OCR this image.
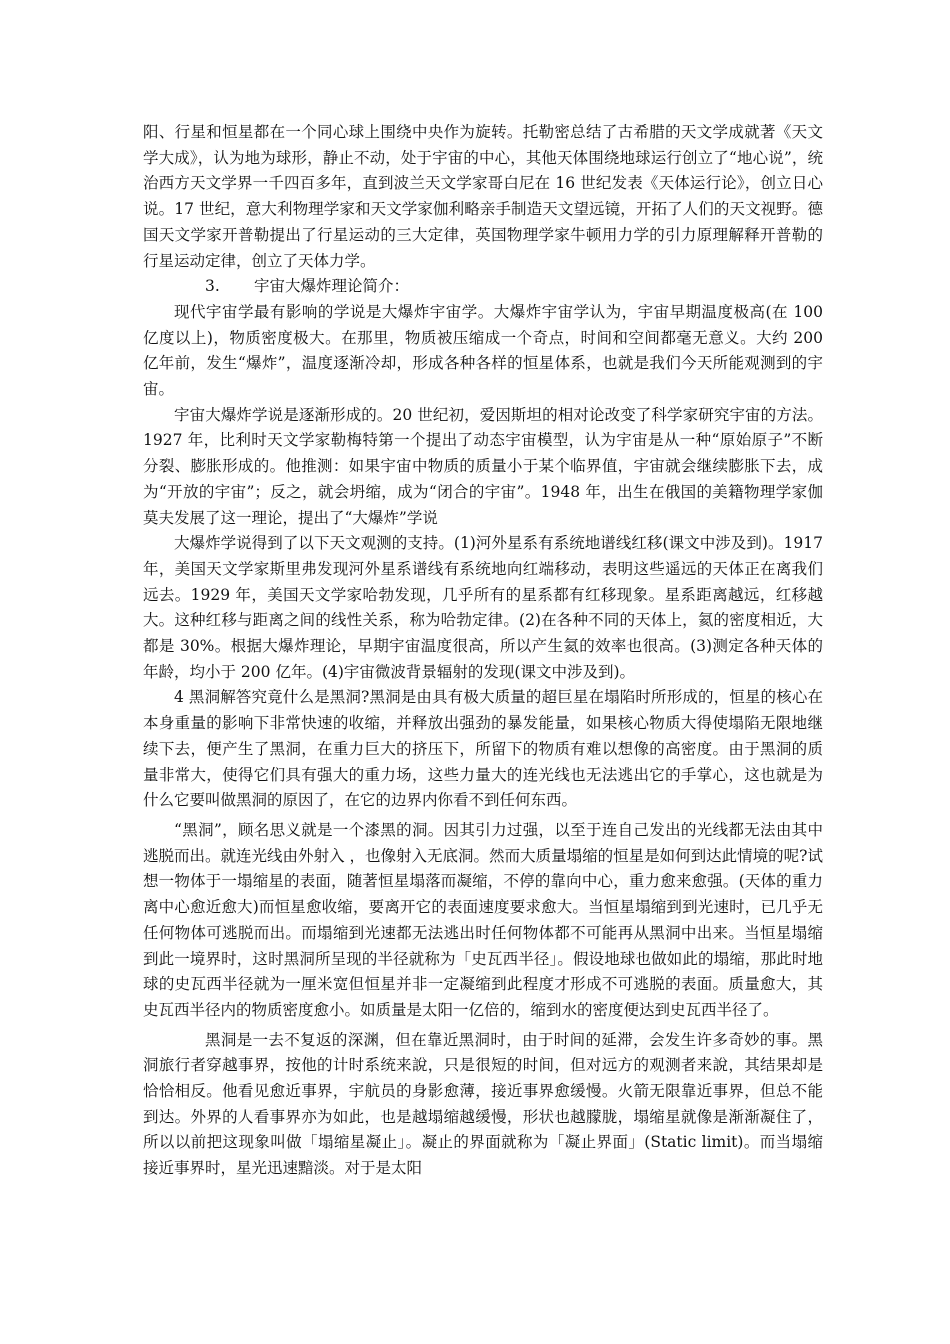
阳、行星和恒星都在一个同心球上围绕中央作为旋转。托勒密总结了古希腊的天文学成就著《天文学大成》，认为地为球形，静止不动，处于宇宙的中心，其他天体围绕地球运行创立了“地心说”，统治西方天文学界一千四百多年，直到波兰天文学家哥白尼在 16 世纪发表《天体运行论》，创立日心说。17 世纪，意大利物理学家和天文学家伽利略亲手制造天文望远镜，开拓了人们的天文视野。德国天文学家开普勒提出了行星运动的三大定律，英国物理学家牛顿用力学的引力原理解释开普勒的行星运动定律，创立了天体力学。

3. 宇宙大爆炸理论简介：

现代宇宙学最有影响的学说是大爆炸宇宙学。大爆炸宇宙学认为，宇宙早期温度极高(在 100 亿度以上)，物质密度极大。在那里，物质被压缩成一个奇点，时间和空间都毫无意义。大约 200 亿年前，发生“爆炸”，温度逐渐冷却，形成各种各样的恒星体系，也就是我们今天所能观测到的宇宙。

宇宙大爆炸学说是逐渐形成的。20 世纪初，爱因斯坦的相对论改变了科学家研究宇宙的方法。1927 年，比利时天文学家勒梅特第一个提出了动态宇宙模型，认为宇宙是从一种“原始原子”不断分裂、膨胀形成的。他推测：如果宇宙中物质的质量小于某个临界值，宇宙就会继续膨胀下去，成为“开放的宇宙”；反之，就会坍缩，成为“闭合的宇宙”。1948 年，出生在俄国的美籍物理学家伽莫夫发展了这一理论，提出了“大爆炸”学说

大爆炸学说得到了以下天文观测的支持。(1)河外星系有系统地谱线红移(课文中涉及到)。1917 年，美国天文学家斯里弗发现河外星系谱线有系统地向红端移动，表明这些遥远的天体正在离我们远去。1929 年，美国天文学家哈勃发现，几乎所有的星系都有红移现象。星系距离越远，红移越大。这种红移与距离之间的线性关系，称为哈勃定律。(2)在各种不同的天体上，氦的密度相近，大都是 30%。根据大爆炸理论，早期宇宙温度很高，所以产生氦的效率也很高。(3)测定各种天体的年龄，均小于 200 亿年。(4)宇宙微波背景辐射的发现(课文中涉及到)。

4 黑洞解答究竟什么是黑洞?黑洞是由具有极大质量的超巨星在塌陷时所形成的，恒星的核心在本身重量的影响下非常快速的收缩，并释放出强劲的暴发能量，如果核心物质大得使塌陷无限地继续下去，便产生了黑洞，在重力巨大的挤压下，所留下的物质有难以想像的高密度。由于黑洞的质量非常大，使得它们具有强大的重力场，这些力量大的连光线也无法逃出它的手掌心，这也就是为什么它要叫做黑洞的原因了，在它的边界内你看不到任何东西。

“黑洞”，顾名思义就是一个漆黑的洞。因其引力过强，以至于连自己发出的光线都无法由其中逃脱而出。就连光线由外射入 ，也像射入无底洞。然而大质量塌缩的恒星是如何到达此情境的呢?试想一物体于一塌缩星的表面，随著恒星塌落而凝缩，不停的靠向中心，重力愈来愈强。(天体的重力离中心愈近愈大)而恒星愈收缩，要离开它的表面速度要求愈大。当恒星塌缩到到光速时，已几乎无任何物体可逃脱而出。而塌缩到光速都无法逃出时任何物体都不可能再从黑洞中出来。当恒星塌缩到此一境界时，这时黑洞所呈现的半径就称为「史瓦西半径」。假设地球也做如此的塌缩，那此时地球的史瓦西半径就为一厘米宽但恒星并非一定凝缩到此程度才形成不可逃脱的表面。质量愈大，其史瓦西半径内的物质密度愈小。如质量是太阳一亿倍的，缩到水的密度便达到史瓦西半径了。

黑洞是一去不复返的深渊，但在靠近黑洞时，由于时间的延滞，会发生许多奇妙的事。黑洞旅行者穿越事界，按他的计时系统来說，只是很短的时间，但对远方的观测者来說，其结果却是恰恰相反。他看见愈近事界，宇航员的身影愈薄，接近事界愈缓慢。火箭无限靠近事界，但总不能到达。外界的人看事界亦为如此，也是越塌缩越缓慢，形状也越朦胧，塌缩星就像是渐渐凝住了，所以以前把这现象叫做「塌缩星凝止」。凝止的界面就称为「凝止界面」(Static limit)。而当塌缩接近事界时，星光迅速黯淡。对于是太阳
